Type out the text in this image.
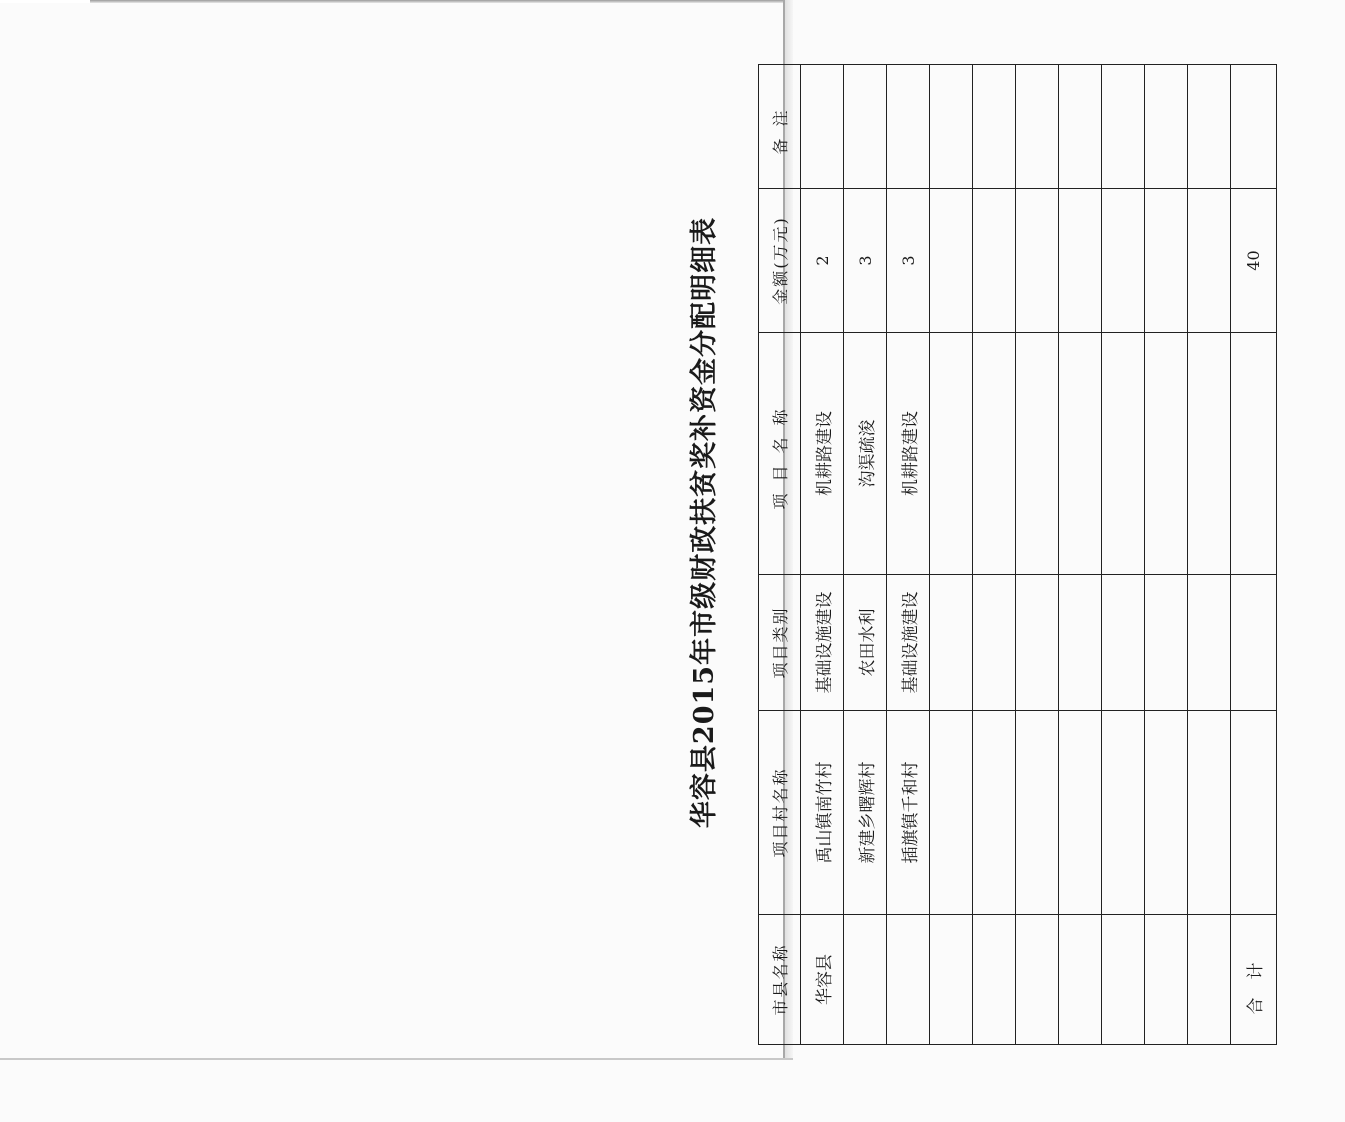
华容县2015年市级财政扶贫奖补资金分配明细表
市县名称	项目村名称	项目类别	项目名称	金额(万元)	备注
华容县	禹山镇南竹村	基础设施建设	机耕路建设	2	
	新建乡曙辉村	农田水利	沟渠疏浚	3	
	插旗镇千和村	基础设施建设	机耕路建设	3	

合计				40	
